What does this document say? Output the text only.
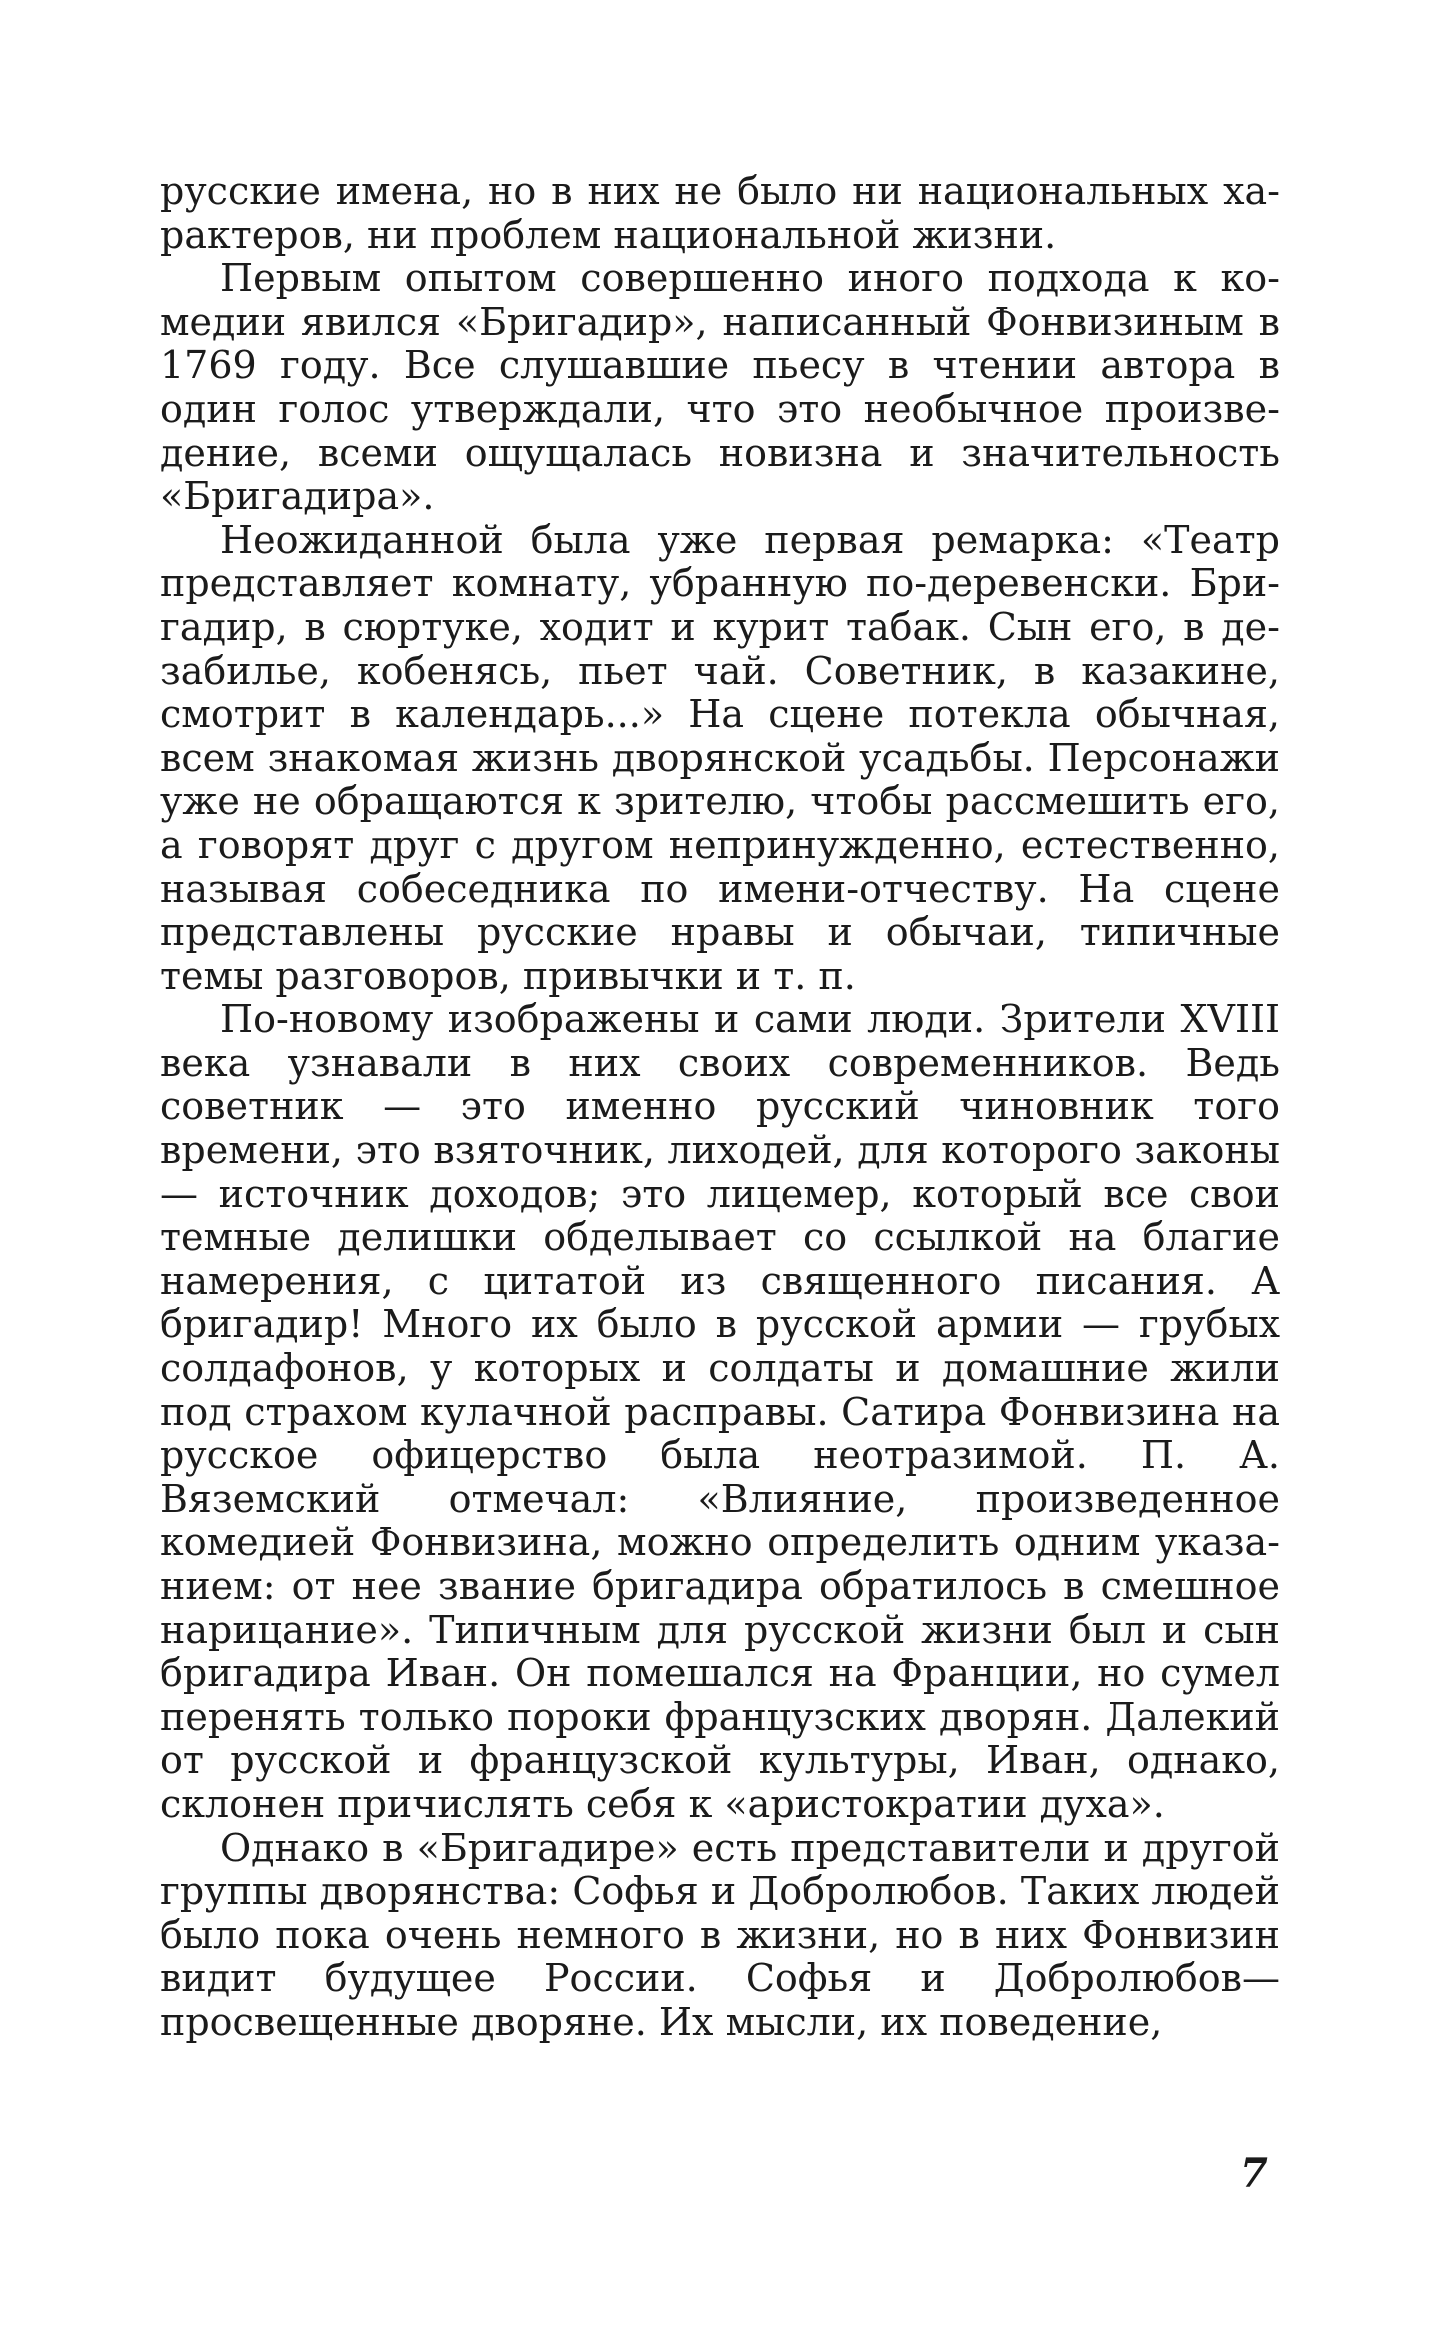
русские имена, но в них не было ни национальных характеров, ни проблем национальной жизни.

Первым опытом совершенно иного подхода к комедии явился «Бригадир», написанный Фонвизиным в 1769 году. Все слушавшие пьесу в чтении автора в один голос утверждали, что это необычное произведение, всеми ощущалась новизна и значительность «Бригадира».

Неожиданной была уже первая ремарка: «Театр представляет комнату, убранную по-деревенски. Бригадир, в сюртуке, ходит и курит табак. Сын его, в дезабилье, кобенясь, пьет чай. Советник, в казакине, смотрит в календарь...» На сцене потекла обычная, всем знакомая жизнь дворянской усадьбы. Персонажи уже не обращаются к зрителю, чтобы рассмешить его, а говорят друг с другом непринужденно, естественно, называя собеседника по имени-отчеству. На сцене представлены русские нравы и обычаи, типичные темы разговоров, привычки и т. п.

По-новому изображены и сами люди. Зрители XVIII века узнавали в них своих современников. Ведь советник — это именно русский чиновник того времени, это взяточник, лиходей, для которого законы — источник доходов; это лицемер, который все свои темные делишки обделывает со ссылкой на благие намерения, с цитатой из священного писания. А бригадир! Много их было в русской армии — грубых солдафонов, у которых и солдаты и домашние жили под страхом кулачной расправы. Сатира Фонвизина на русское офицерство была неотразимой. П. А. Вяземский отмечал: «Влияние, произведенное комедией Фонвизина, можно определить одним указанием: от нее звание бригадира обратилось в смешное нарицание». Типичным для русской жизни был и сын бригадира Иван. Он помешался на Франции, но сумел перенять только пороки французских дворян. Далекий от русской и французской культуры, Иван, однако, склонен причислять себя к «аристократии духа».

Однако в «Бригадире» есть представители и другой группы дворянства: Софья и Добролюбов. Таких людей было пока очень немного в жизни, но в них Фонвизин видит будущее России. Софья и Добролюбов—просвещенные дворяне. Их мысли, их поведение,

7
